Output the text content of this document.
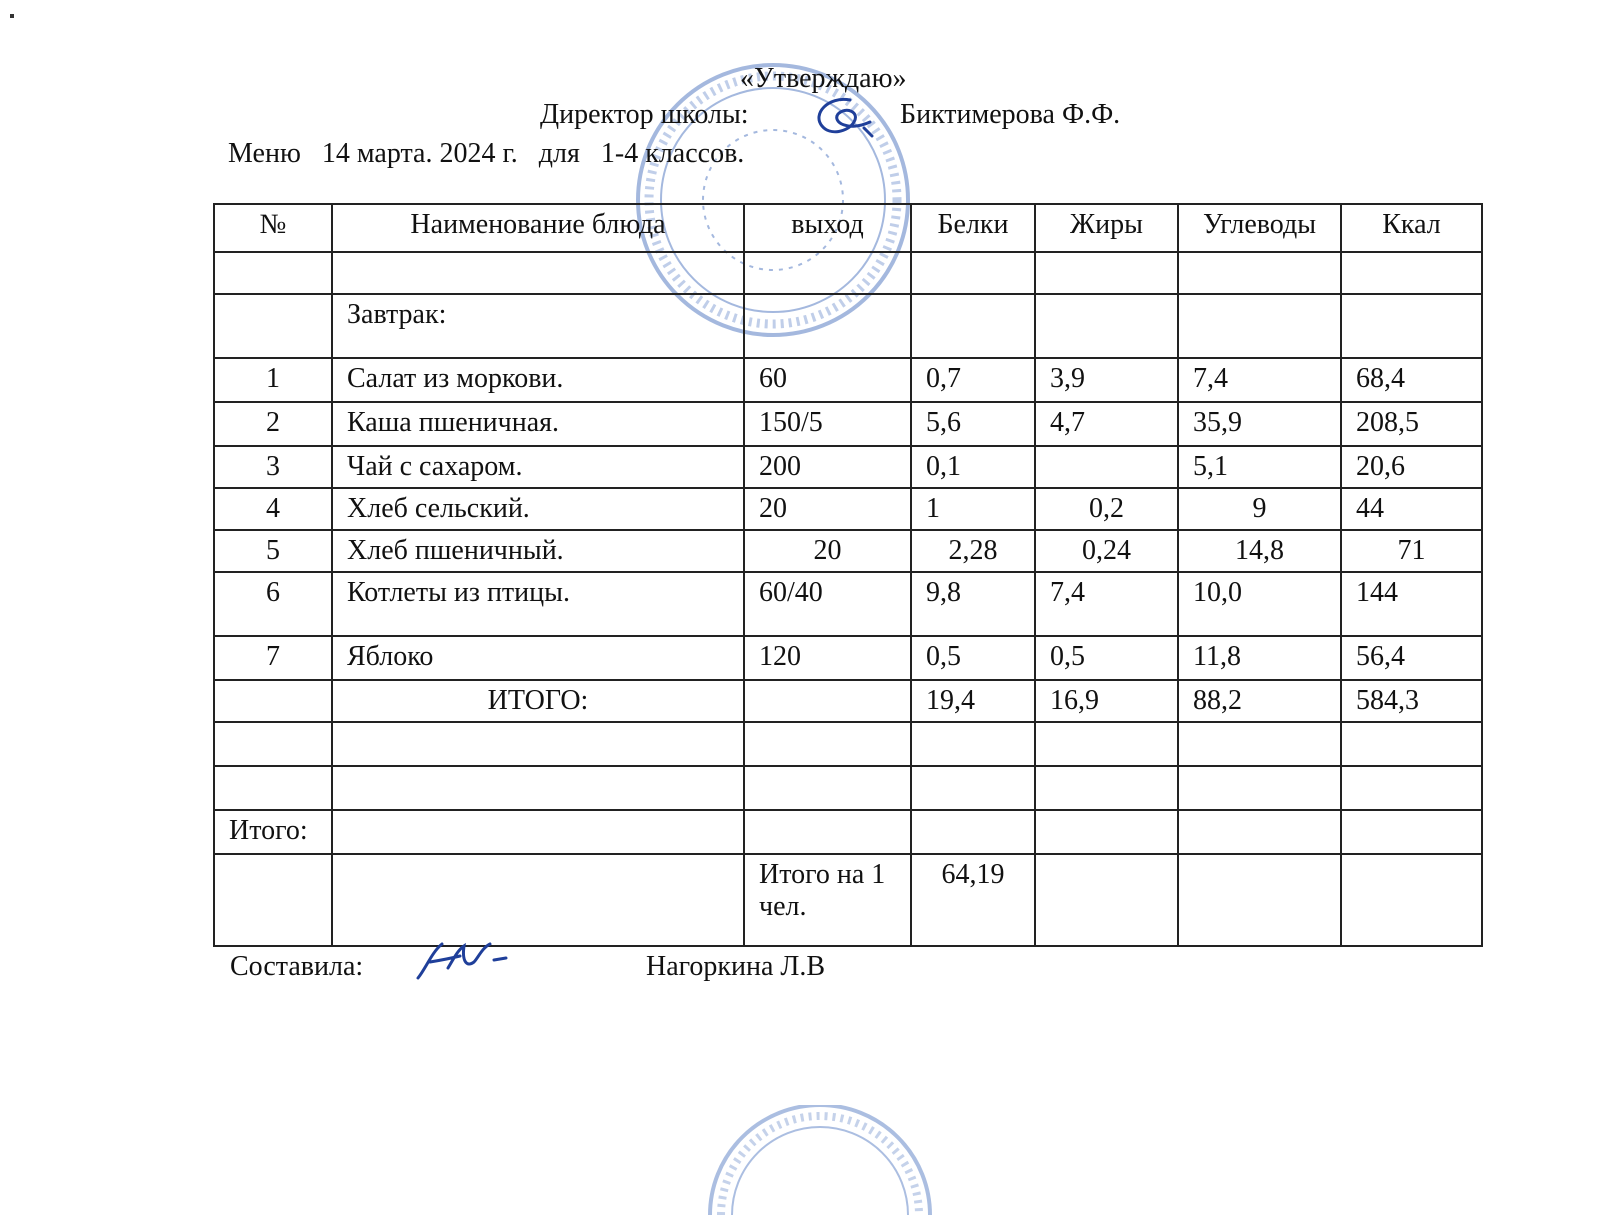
«Утверждаю»
Директор школы:	Биктимерова Ф.Ф.
Меню 14 марта. 2024 г. для 1-4 классов.
№	Наименование блюда	выход	Белки	Жиры	Углеводы	Ккал

	Завтрак:					
1	Салат из моркови.	60	0,7	3,9	7,4	68,4
2	Каша пшеничная.	150/5	5,6	4,7	35,9	208,5
3	Чай с сахаром.	200	0,1		5,1	20,6
4	Хлеб сельский.	20	1	0,2	9	44
5	Хлеб пшеничный.	20	2,28	0,24	14,8	71
6	Котлеты из птицы.	60/40	9,8	7,4	10,0	144
7	Яблоко	120	0,5	0,5	11,8	56,4
	ИТОГО:		19,4	16,9	88,2	584,3

Итого:						
		Итого на 1 чел.	64,19			
Составила:	Нагоркина Л.В
